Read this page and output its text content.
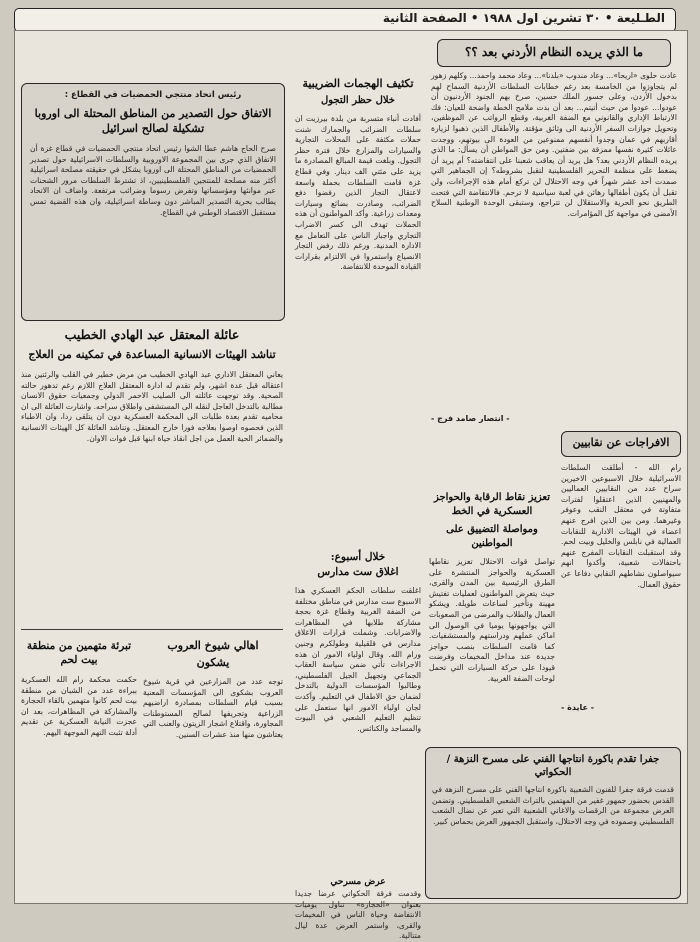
الطـليعة • ٣٠ تشرين اول ١٩٨٨ • الصفحة الثانية
ما الذي يريده النظام الأردني بعد ؟؟
عادت حلوى «اريحا»... وعاد مندوب «بلدنا»... وعاد محمد واحمد... وكلهم زهور لم يتجاوزوا من الخامسة بعد رغم خطابات السلطات الأردنية السماح لهم بدخول الأردن، وعلى جسور الملك حسين، صرخ بهم الجنود الأردنيون أن عودوا... عودوا من حيث أتيتم... بعد أن بدت ملامح الخطة واضحة للعيان: فك الارتباط الإداري والقانوني مع الضفة الغربية، وقطع الرواتب عن الموظفين، وتحويل جوازات السفر الأردنية الى وثائق مؤقتة. والأطفال الذين ذهبوا لزيارة أقاربهم في عمان وجدوا أنفسهم ممنوعين من العودة الى بيوتهم، ووجدت عائلات كثيرة نفسها ممزقة بين ضفتين. ومن حق المواطن أن يسأل: ما الذي يريده النظام الأردني بعد؟ هل يريد أن يعاقب شعبنا على انتفاضته؟ أم يريد أن يضغط على منظمة التحرير الفلسطينية لتقبل بشروطه؟ إن الجماهير التي صمدت أحد عشر شهراً في وجه الاحتلال لن تركع أمام هذه الإجراءات، ولن تقبل أن يكون أطفالها رهائن في لعبة سياسية لا ترحم. فالانتفاضة التي فتحت الطريق نحو الحرية والاستقلال لن تتراجع، وستبقى الوحدة الوطنية السلاح الأمضى في مواجهة كل المؤامرات.
- انتصار صامد فرج -
تكثيف الهجمات الضريبية
خلال حظر التجول
أفادت أنباء متسربة من بلدة بيرزيت ان سلطات الضرائب والجمارك شنت حملات مكثفة على المحلات التجارية والسيارات والمزارع خلال فترة حظر التجول. وبلغت قيمة المبالغ المصادرة ما يزيد على مئتي الف دينار. وفي قطاع غزة قامت السلطات بحملة واسعة لاعتقال التجار الذين رفضوا دفع الضرائب، وصادرت بضائع وسيارات ومعدات زراعية. وأكد المواطنون أن هذه الحملات تهدف الى كسر الاضراب التجاري واجبار الناس على التعامل مع الادارة المدنية. ورغم ذلك رفض التجار الانصياع واستمروا في الالتزام بقرارات القيادة الموحدة للانتفاضة.
رئيس اتحاد منتجي الحمضيات في القطاع :
الاتفاق حول التصدير من المناطق المحتلة الى اوروبا تشكيلة لصالح اسرائيل
صرح الحاج هاشم عطا الشوا رئيس اتحاد منتجي الحمضيات في قطاع غزة أن الاتفاق الذي جرى بين المجموعة الاوروبية والسلطات الاسرائيلية حول تصدير الحمضيات من المناطق المحتلة الى اوروبا يشكل في حقيقته مصلحة اسرائيلية أكثر منه مصلحة للمنتجين الفلسطينيين، اذ تشترط السلطات مرور الشحنات عبر موانئها ومؤسساتها وتفرض رسوما وضرائب مرتفعة. واضاف ان الاتحاد يطالب بحرية التصدير المباشر دون وساطة اسرائيلية، وان هذه القضية تمس مستقبل الاقتصاد الوطني في القطاع.
عائلة المعتقل عبد الهادي الخطيب
تناشد الهيئات الانسانية المساعدة في تمكينه من العلاج
يعاني المعتقل الاداري عبد الهادي الخطيب من مرض خطير في القلب والرئتين منذ اعتقاله قبل عدة اشهر، ولم تقدم له ادارة المعتقل العلاج اللازم رغم تدهور حالته الصحية. وقد توجهت عائلته الى الصليب الاحمر الدولي وجمعيات حقوق الانسان مطالبة بالتدخل العاجل لنقله الى المستشفى واطلاق سراحه. واشارت العائلة الى ان محاميه تقدم بعدة طلبات الى المحكمة العسكرية دون ان يتلقى ردا، وان الاطباء الذين فحصوه اوصوا بعلاجه فورا خارج المعتقل. وتناشد العائلة كل الهيئات الانسانية والضمائر الحية العمل من اجل انقاذ حياة ابنها قبل فوات الاوان.	الافراجات عن نقابيين
رام الله - أطلقت السلطات الاسرائيلية خلال الاسبوعين الاخيرين سراح عدد من النقابيين العماليين والمهنيين الذين اعتقلوا لفترات متفاوتة في معتقل النقب وعوفر وغيرهما. ومن بين الذين افرج عنهم اعضاء في الهيئات الادارية للنقابات العمالية في نابلس والخليل وبيت لحم. وقد استقبلت النقابات المفرج عنهم باحتفالات شعبية، وأكدوا انهم سيواصلون نشاطهم النقابي دفاعا عن حقوق العمال.
- عايدة -
تعزيز نقاط الرقابة والحواجز العسكرية في الخط
ومواصلة التضييق على المواطنين
تواصل قوات الاحتلال تعزيز نقاطها العسكرية والحواجز المنتشرة على الطرق الرئيسية بين المدن والقرى، حيث يتعرض المواطنون لعمليات تفتيش مهينة وتأخير لساعات طويلة. ويشكو العمال والطلاب والمرضى من الصعوبات التي يواجهونها يوميا في الوصول الى اماكن عملهم ودراستهم والمستشفيات. كما قامت السلطات بنصب حواجز جديدة عند مداخل المخيمات وفرضت قيودا على حركة السيارات التي تحمل لوحات الضفة الغربية.
خلال أسبوع:
اغلاق ست مدارس
اغلقت سلطات الحكم العسكري هذا الاسبوع ست مدارس في مناطق مختلفة من الضفة الغربية وقطاع غزة بحجة مشاركة طلابها في المظاهرات والاضرابات. وشملت قرارات الاغلاق مدارس في قلقيلية وطولكرم وجنين ورام الله. وقال اولياء الامور ان هذه الاجراءات تأتي ضمن سياسة العقاب الجماعي وتجهيل الجيل الفلسطيني، وطالبوا المؤسسات الدولية بالتدخل لضمان حق الاطفال في التعليم. وأكدت لجان اولياء الامور انها ستعمل على تنظيم التعليم الشعبي في البيوت والمساجد والكنائس.
اهالي شيوخ العروب
يشكون
توجه عدد من المزارعين في قرية شيوخ العروب بشكوى الى المؤسسات المعنية بسبب قيام السلطات بمصادرة اراضيهم الزراعية وتجريفها لصالح المستوطنات المجاورة، واقتلاع اشجار الزيتون والعنب التي يعتاشون منها منذ عشرات السنين.
تبرئة متهمين من منطقة بيت لحم
حكمت محكمة رام الله العسكرية ببراءة عدد من الشبان من منطقة بيت لحم كانوا متهمين بالقاء الحجارة والمشاركة في المظاهرات، بعد ان عجزت النيابة العسكرية عن تقديم أدلة تثبت التهم الموجهة اليهم.
جفرا تقدم باكورة انتاجها الفني على مسرح النزهة / الحكواتي
قدمت فرقة جفرا للفنون الشعبية باكورة انتاجها الفني على مسرح النزهة في القدس بحضور جمهور غفير من المهتمين بالتراث الشعبي الفلسطيني. وتضمن العرض مجموعة من الرقصات والاغاني الشعبية التي تعبر عن نضال الشعب الفلسطيني وصموده في وجه الاحتلال، واستقبل الجمهور العرض بحماس كبير.
عرض مسرحي
وقدمت فرقة الحكواتي عرضا جديدا بعنوان «الحجارة» تناول يوميات الانتفاضة وحياة الناس في المخيمات والقرى، واستمر العرض عدة ليال متتالية.
